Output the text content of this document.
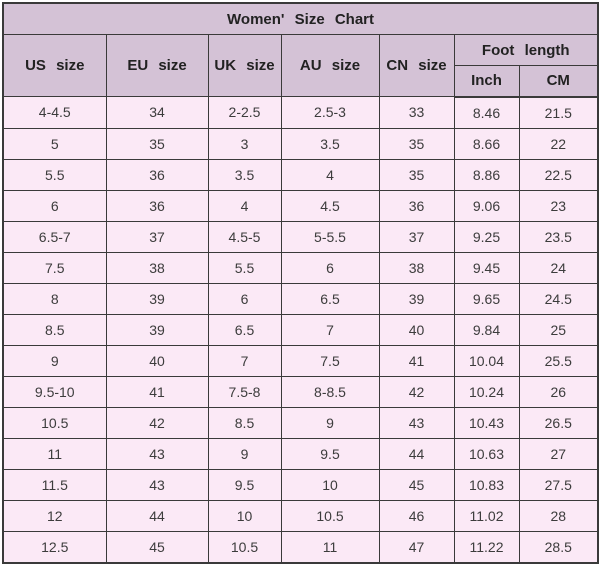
Women' Size Chart						
US size	EU size	UK size	AU size	CN size	Foot length	
					Inch	CM
4-4.5	34	2-2.5	2.5-3	33	8.46	21.5
5	35	3	3.5	35	8.66	22
5.5	36	3.5	4	35	8.86	22.5
6	36	4	4.5	36	9.06	23
6.5-7	37	4.5-5	5-5.5	37	9.25	23.5
7.5	38	5.5	6	38	9.45	24
8	39	6	6.5	39	9.65	24.5
8.5	39	6.5	7	40	9.84	25
9	40	7	7.5	41	10.04	25.5
9.5-10	41	7.5-8	8-8.5	42	10.24	26
10.5	42	8.5	9	43	10.43	26.5
11	43	9	9.5	44	10.63	27
11.5	43	9.5	10	45	10.83	27.5
12	44	10	10.5	46	11.02	28
12.5	45	10.5	11	47	11.22	28.5
